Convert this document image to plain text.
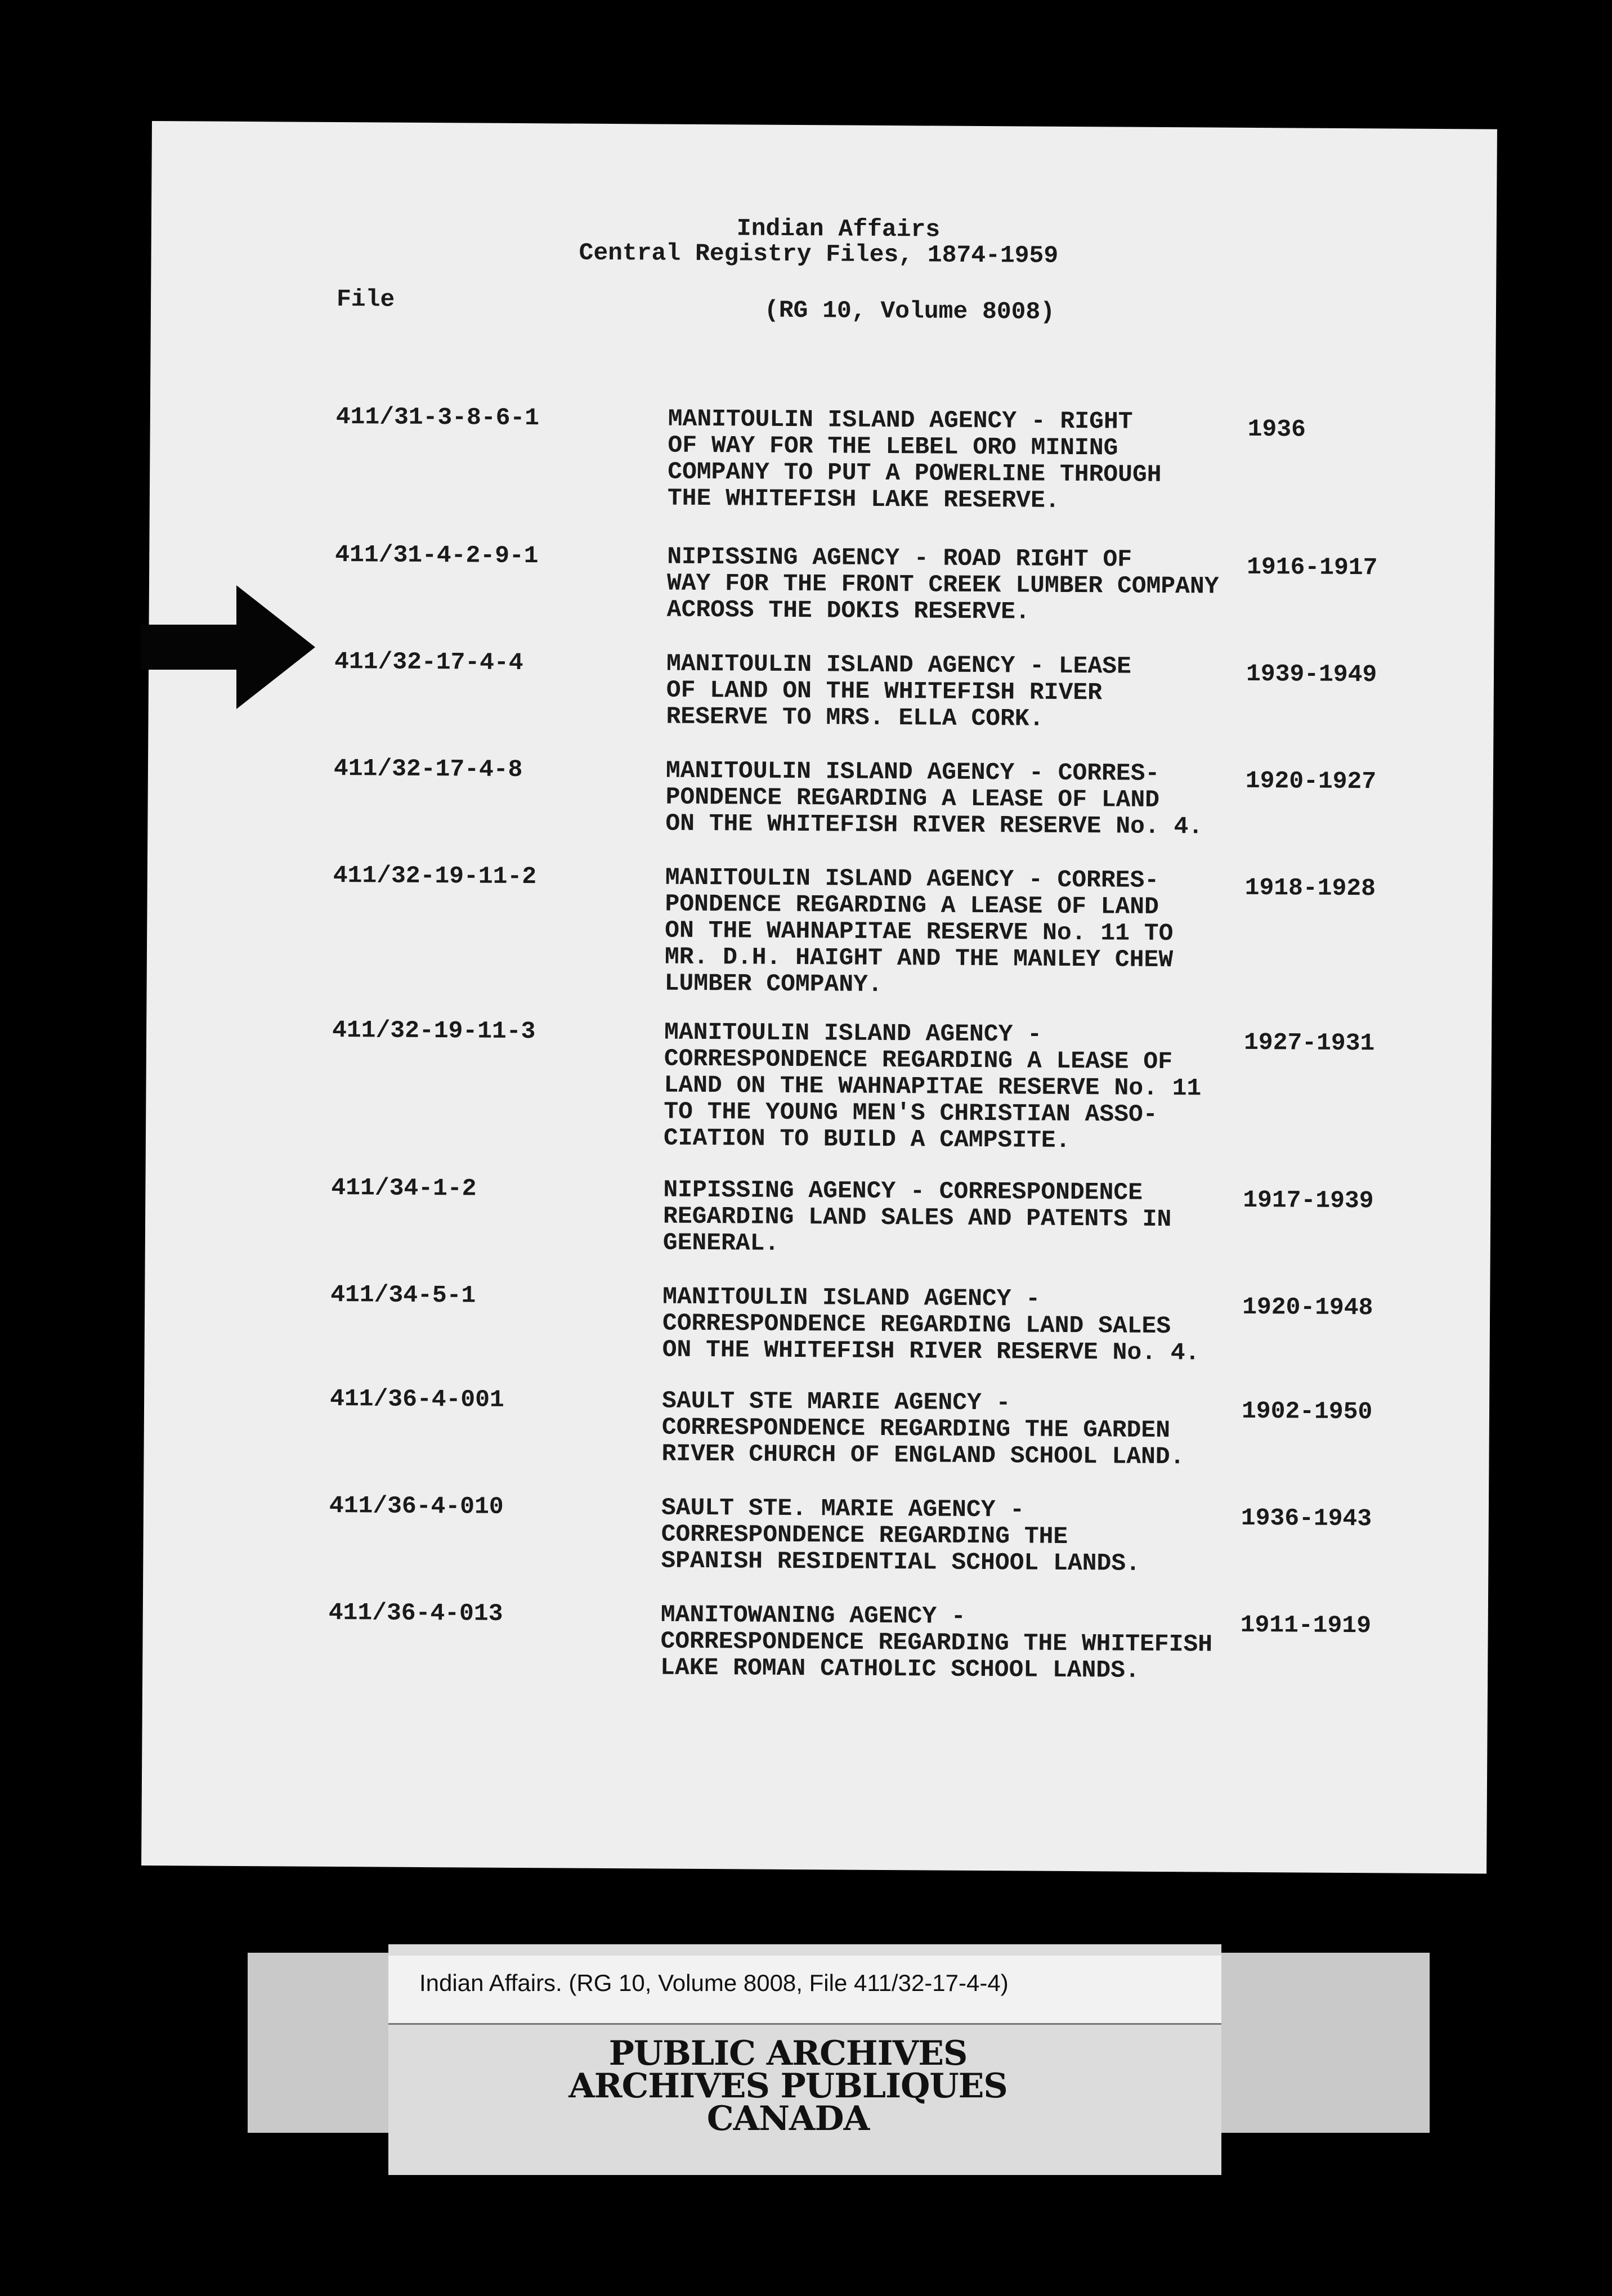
Indian Affairs
Central Registry Files, 1874-1959
File	(RG 10, Volume 8008)
411/31-3-8-6-1	MANITOULIN ISLAND AGENCY - RIGHT
OF WAY FOR THE LEBEL ORO MINING
COMPANY TO PUT A POWERLINE THROUGH
THE WHITEFISH LAKE RESERVE.
1936
411/31-4-2-9-1	NIPISSING AGENCY - ROAD RIGHT OF
WAY FOR THE FRONT CREEK LUMBER COMPANY
ACROSS THE DOKIS RESERVE.
1916-1917
411/32-17-4-4	MANITOULIN ISLAND AGENCY - LEASE
OF LAND ON THE WHITEFISH RIVER
RESERVE TO MRS. ELLA CORK.
1939-1949
411/32-17-4-8	MANITOULIN ISLAND AGENCY - CORRES-
PONDENCE REGARDING A LEASE OF LAND
ON THE WHITEFISH RIVER RESERVE No. 4.
1920-1927
411/32-19-11-2	MANITOULIN ISLAND AGENCY - CORRES-
PONDENCE REGARDING A LEASE OF LAND
ON THE WAHNAPITAE RESERVE No. 11 TO
MR. D.H. HAIGHT AND THE MANLEY CHEW
LUMBER COMPANY.
1918-1928
411/32-19-11-3	MANITOULIN ISLAND AGENCY -
CORRESPONDENCE REGARDING A LEASE OF
LAND ON THE WAHNAPITAE RESERVE No. 11
TO THE YOUNG MEN'S CHRISTIAN ASSO-
CIATION TO BUILD A CAMPSITE.
1927-1931
411/34-1-2	NIPISSING AGENCY - CORRESPONDENCE
REGARDING LAND SALES AND PATENTS IN
GENERAL.
1917-1939
411/34-5-1	MANITOULIN ISLAND AGENCY -
CORRESPONDENCE REGARDING LAND SALES
ON THE WHITEFISH RIVER RESERVE No. 4.
1920-1948
411/36-4-001	SAULT STE MARIE AGENCY -
CORRESPONDENCE REGARDING THE GARDEN
RIVER CHURCH OF ENGLAND SCHOOL LAND.
1902-1950
411/36-4-010	SAULT STE. MARIE AGENCY -
CORRESPONDENCE REGARDING THE
SPANISH RESIDENTIAL SCHOOL LANDS.
1936-1943
411/36-4-013	MANITOWANING AGENCY -
CORRESPONDENCE REGARDING THE WHITEFISH
LAKE ROMAN CATHOLIC SCHOOL LANDS.
1911-1919
Indian Affairs. (RG 10, Volume 8008, File 411/32-17-4-4)
PUBLIC ARCHIVES
ARCHIVES PUBLIQUES
CANADA
